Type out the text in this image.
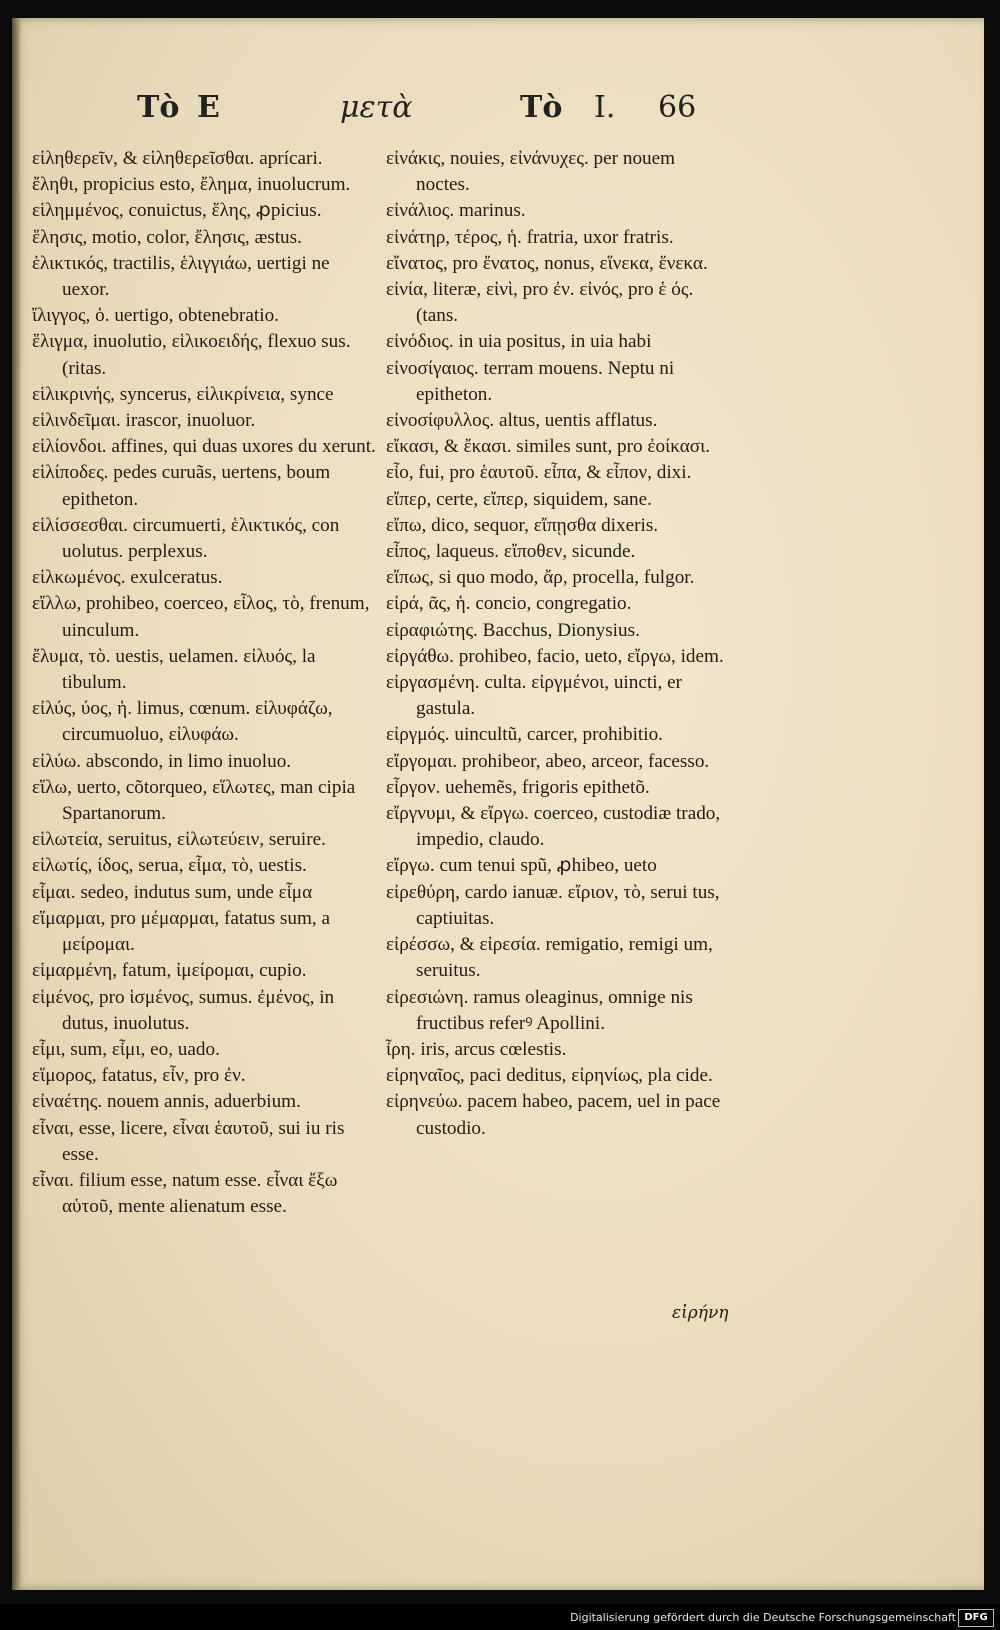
Τὸ Ε	μετὰ	Τὸ Ι. 66

εἱληθερεῖν, & εἱληθερεῖσθαι. aprícari.

ἔληθι, propicius esto, ἔλημα, inuolucrum.

εἱλημμένος, conuictus, ἕλης, ꝓpicius.

ἕλησις, motio, color, ἔλησις, æstus.

ἑλικτικός, tractilis, ἑλιγγιάω, uertigi ne uexor.

ἴλιγγος, ὁ. uertigo, obtenebratio.

ἕλιγμα, inuolutio, εἱλικοειδής, flexuo sus. (ritas.

εἱλικρινής, syncerus, εἱλικρίνεια, synce

εἱλινδεῖμαι. irascor, inuoluor.

εἱλίονδοι. affines, qui duas uxores du xerunt.

εἱλίποδες. pedes curuãs, uertens, boum epitheton.

εἱλίσσεσθαι. circumuerti, ἑλικτικός, con uolutus. perplexus.

εἱλκωμένος. exulceratus.

εἴλλω, prohibeo, coerceo, εἶλος, τὸ, frenum, uinculum.

ἔλυμα, τὸ. uestis, uelamen. εἰλυός, la tibulum.

εἰλύς, ύος, ἡ. limus, cœnum. εἰλυφάζω, circumuoluo, εἰλυφάω.

εἰλύω. abscondo, in limo inuoluo.

εἵλω, uerto, cõtorqueo, εἵλωτες, man cipia Spartanorum.

εἱλωτεία, seruitus, εἱλωτεύειν, seruire.

εἱλωτίς, ίδος, serua, εἷμα, τὸ, uestis.

εἷμαι. sedeo, indutus sum, unde εἷμα

εἵμαρμαι, pro μέμαρμαι, fatatus sum, a μείρομαι.

εἱμαρμένη, fatum, ἱμείρομαι, cupio.

εἱμένος, pro ἱσμένος, sumus. ἐμένος, in dutus, inuolutus.

εἶμι, sum, εἶμι, eo, uado.

εἵμορος, fatatus, εἶν, pro ἐν.

εἰναέτης. nouem annis, aduerbium.

εἶναι, esse, licere, εἶναι ἑαυτοῦ, sui iu ris esse.

εἶναι. filium esse, natum esse. εἶναι ἔξω αὑτοῦ, mente alienatum esse.

εἰνάκις, nouies, εἰνάνυχες. per nouem noctes.

εἰνάλιος. marinus.

εἰνάτηρ, τέρος, ἡ. fratria, uxor fratris.

εἴνατος, pro ἔνατος, nonus, εἵνεκα, ἕνεκα.

εἰνία, literæ, εἰνὶ, pro ἐν. εἰνός, pro ἑ ός. (tans.

εἰνόδιος. in uia positus, in uia habi

εἰνοσίγαιος. terram mouens. Neptu ni epitheton.

εἰνοσίφυλλος. altus, uentis afflatus.

εἴκασι, & ἔκασι. similes sunt, pro ἐοίκασι.

εἶο, fui, pro ἑαυτοῦ. εἶπα, & εἶπον, dixi.

εἴπερ, certe, εἴπερ, siquidem, sane.

εἴπω, dico, sequor, εἴπῃσθα dixeris.

εἶπος, laqueus. εἴποθεν, sicunde.

εἴπως, si quo modo, ἄρ, procella, fulgor.

εἰρά, ᾶς, ἡ. concio, congregatio.

εἰραφιώτης. Bacchus, Dionysius.

εἰργάθω. prohibeo, facio, ueto, εἴργω, idem.

εἰργασμένη. culta. εἰργμένοι, uincti, er gastula.

εἰργμός. uincultũ, carcer, prohibitio.

εἴργομαι. prohibeor, abeo, arceor, facesso.

εἶργον. uehemẽs, frigoris epithetõ.

εἴργνυμι, & εἴργω. coerceo, custodiæ trado, impedio, claudo.

εἴργω. cum tenui spũ, ꝓhibeo, ueto

εἰρεθύρη, cardo ianuæ. εἴριον, τὸ, serui tus, captiuitas.

εἰρέσσω, & εἰρεσία. remigatio, remigi um, seruitus.

εἰρεσιώνη. ramus oleaginus, omnige nis fructibus referꝰ Apollini.

ἶρη. iris, arcus cœlestis.

εἰρηναῖος, paci deditus, εἰρηνίως, pla cide.

εἰρηνεύω. pacem habeo, pacem, uel in pace custodio.

εἰρήνη
Digitalisierung gefördert durch die Deutsche Forschungsgemeinschaft DFG
